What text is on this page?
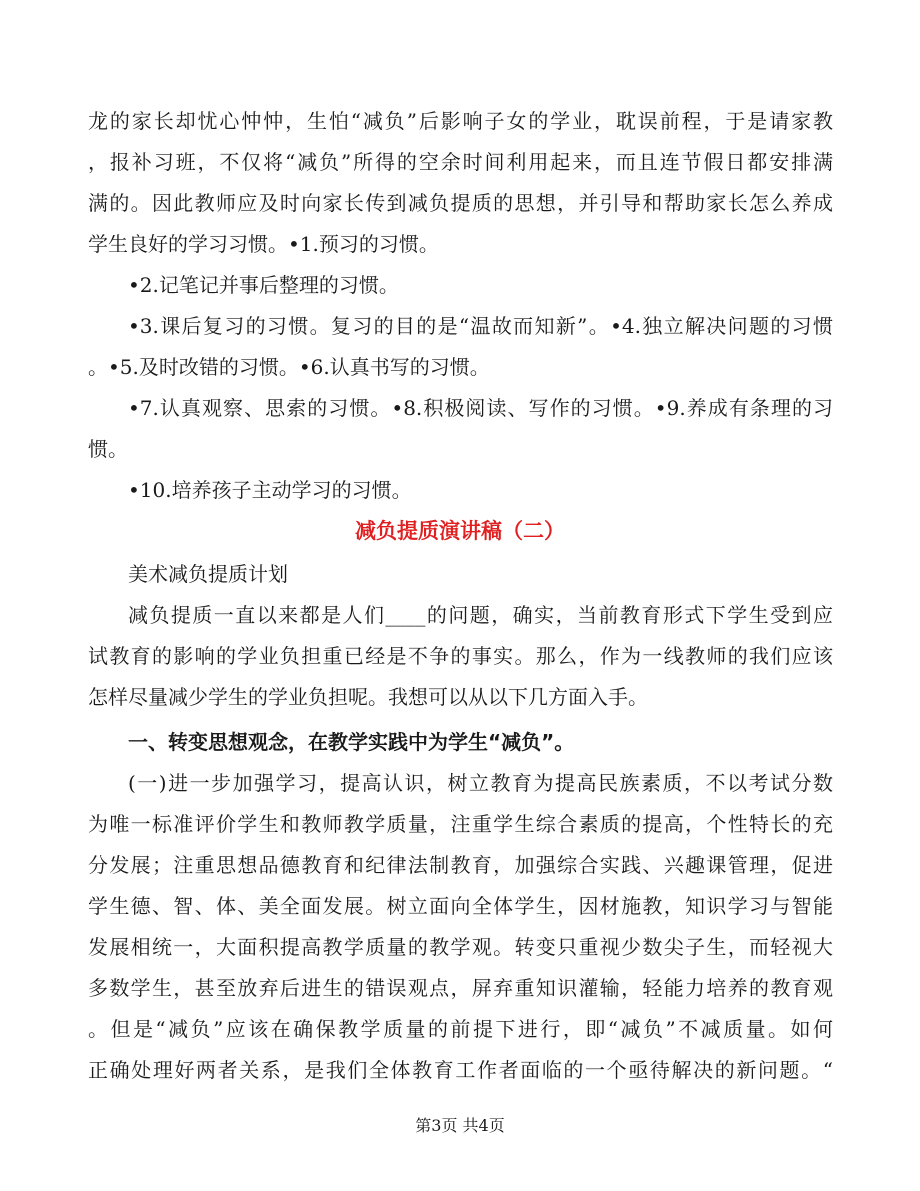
龙的家长却忧心忡忡，生怕“减负”后影响子女的学业，耽误前程，于是请家教
，报补习班，不仅将“减负”所得的空余时间利用起来，而且连节假日都安排满
满的。因此教师应及时向家长传到减负提质的思想，并引导和帮助家长怎么养成
学生良好的学习习惯。•1.预习的习惯。
•2.记笔记并事后整理的习惯。
•3.课后复习的习惯。复习的目的是“温故而知新”。•4.独立解决问题的习惯
。•5.及时改错的习惯。•6.认真书写的习惯。
•7.认真观察、思索的习惯。•8.积极阅读、写作的习惯。•9.养成有条理的习
惯。
•10.培养孩子主动学习的习惯。
减负提质演讲稿（二）
美术减负提质计划
减负提质一直以来都是人们____的问题，确实，当前教育形式下学生受到应
试教育的影响的学业负担重已经是不争的事实。那么，作为一线教师的我们应该
怎样尽量减少学生的学业负担呢。我想可以从以下几方面入手。
一、转变思想观念，在教学实践中为学生“减负”。
(一)进一步加强学习，提高认识，树立教育为提高民族素质，不以考试分数
为唯一标准评价学生和教师教学质量，注重学生综合素质的提高，个性特长的充
分发展；注重思想品德教育和纪律法制教育，加强综合实践、兴趣课管理，促进
学生德、智、体、美全面发展。树立面向全体学生，因材施教，知识学习与智能
发展相统一，大面积提高教学质量的教学观。转变只重视少数尖子生，而轻视大
多数学生，甚至放弃后进生的错误观点，屏弃重知识灌输，轻能力培养的教育观
。但是“减负”应该在确保教学质量的前提下进行，即“减负”不减质量。如何
正确处理好两者关系，是我们全体教育工作者面临的一个亟待解决的新问题。“
第3页 共4页
